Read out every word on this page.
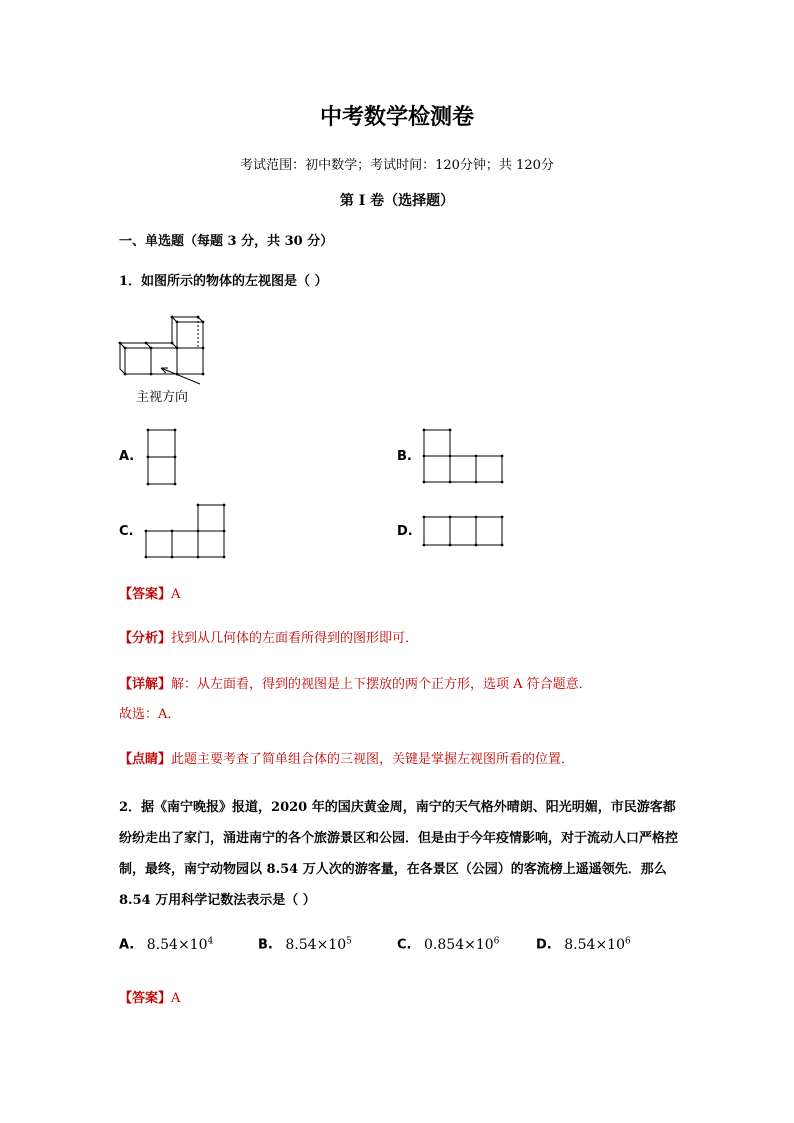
中考数学检测卷
考试范围：初中数学；考试时间：120分钟；共 120分
第 I 卷（选择题）
一、单选题（每题 3 分，共 30 分）
1．如图所示的物体的左视图是（ ）
主视方向
A.	B.
C.	D.
【答案】A
【分析】找到从几何体的左面看所得到的图形即可．
【详解】解：从左面看，得到的视图是上下摆放的两个正方形，选项 A 符合题意．
故选：A．
【点睛】此题主要考查了简单组合体的三视图，关键是掌握左视图所看的位置．
2．据《南宁晚报》报道，2020 年的国庆黄金周，南宁的天气格外晴朗、阳光明媚，市民游客都纷纷走出了家门，涌进南宁的各个旅游景区和公园．但是由于今年疫情影响，对于流动人口严格控制，最终，南宁动物园以 8.54 万人次的游客量，在各景区（公园）的客流榜上遥遥领先．那么 8.54 万用科学记数法表示是（ ）
A. $8.54\times 10^4$	B. $8.54\times 10^5$	C. $0.854\times 10^6$	D. $8.54\times 10^6$
【答案】A
